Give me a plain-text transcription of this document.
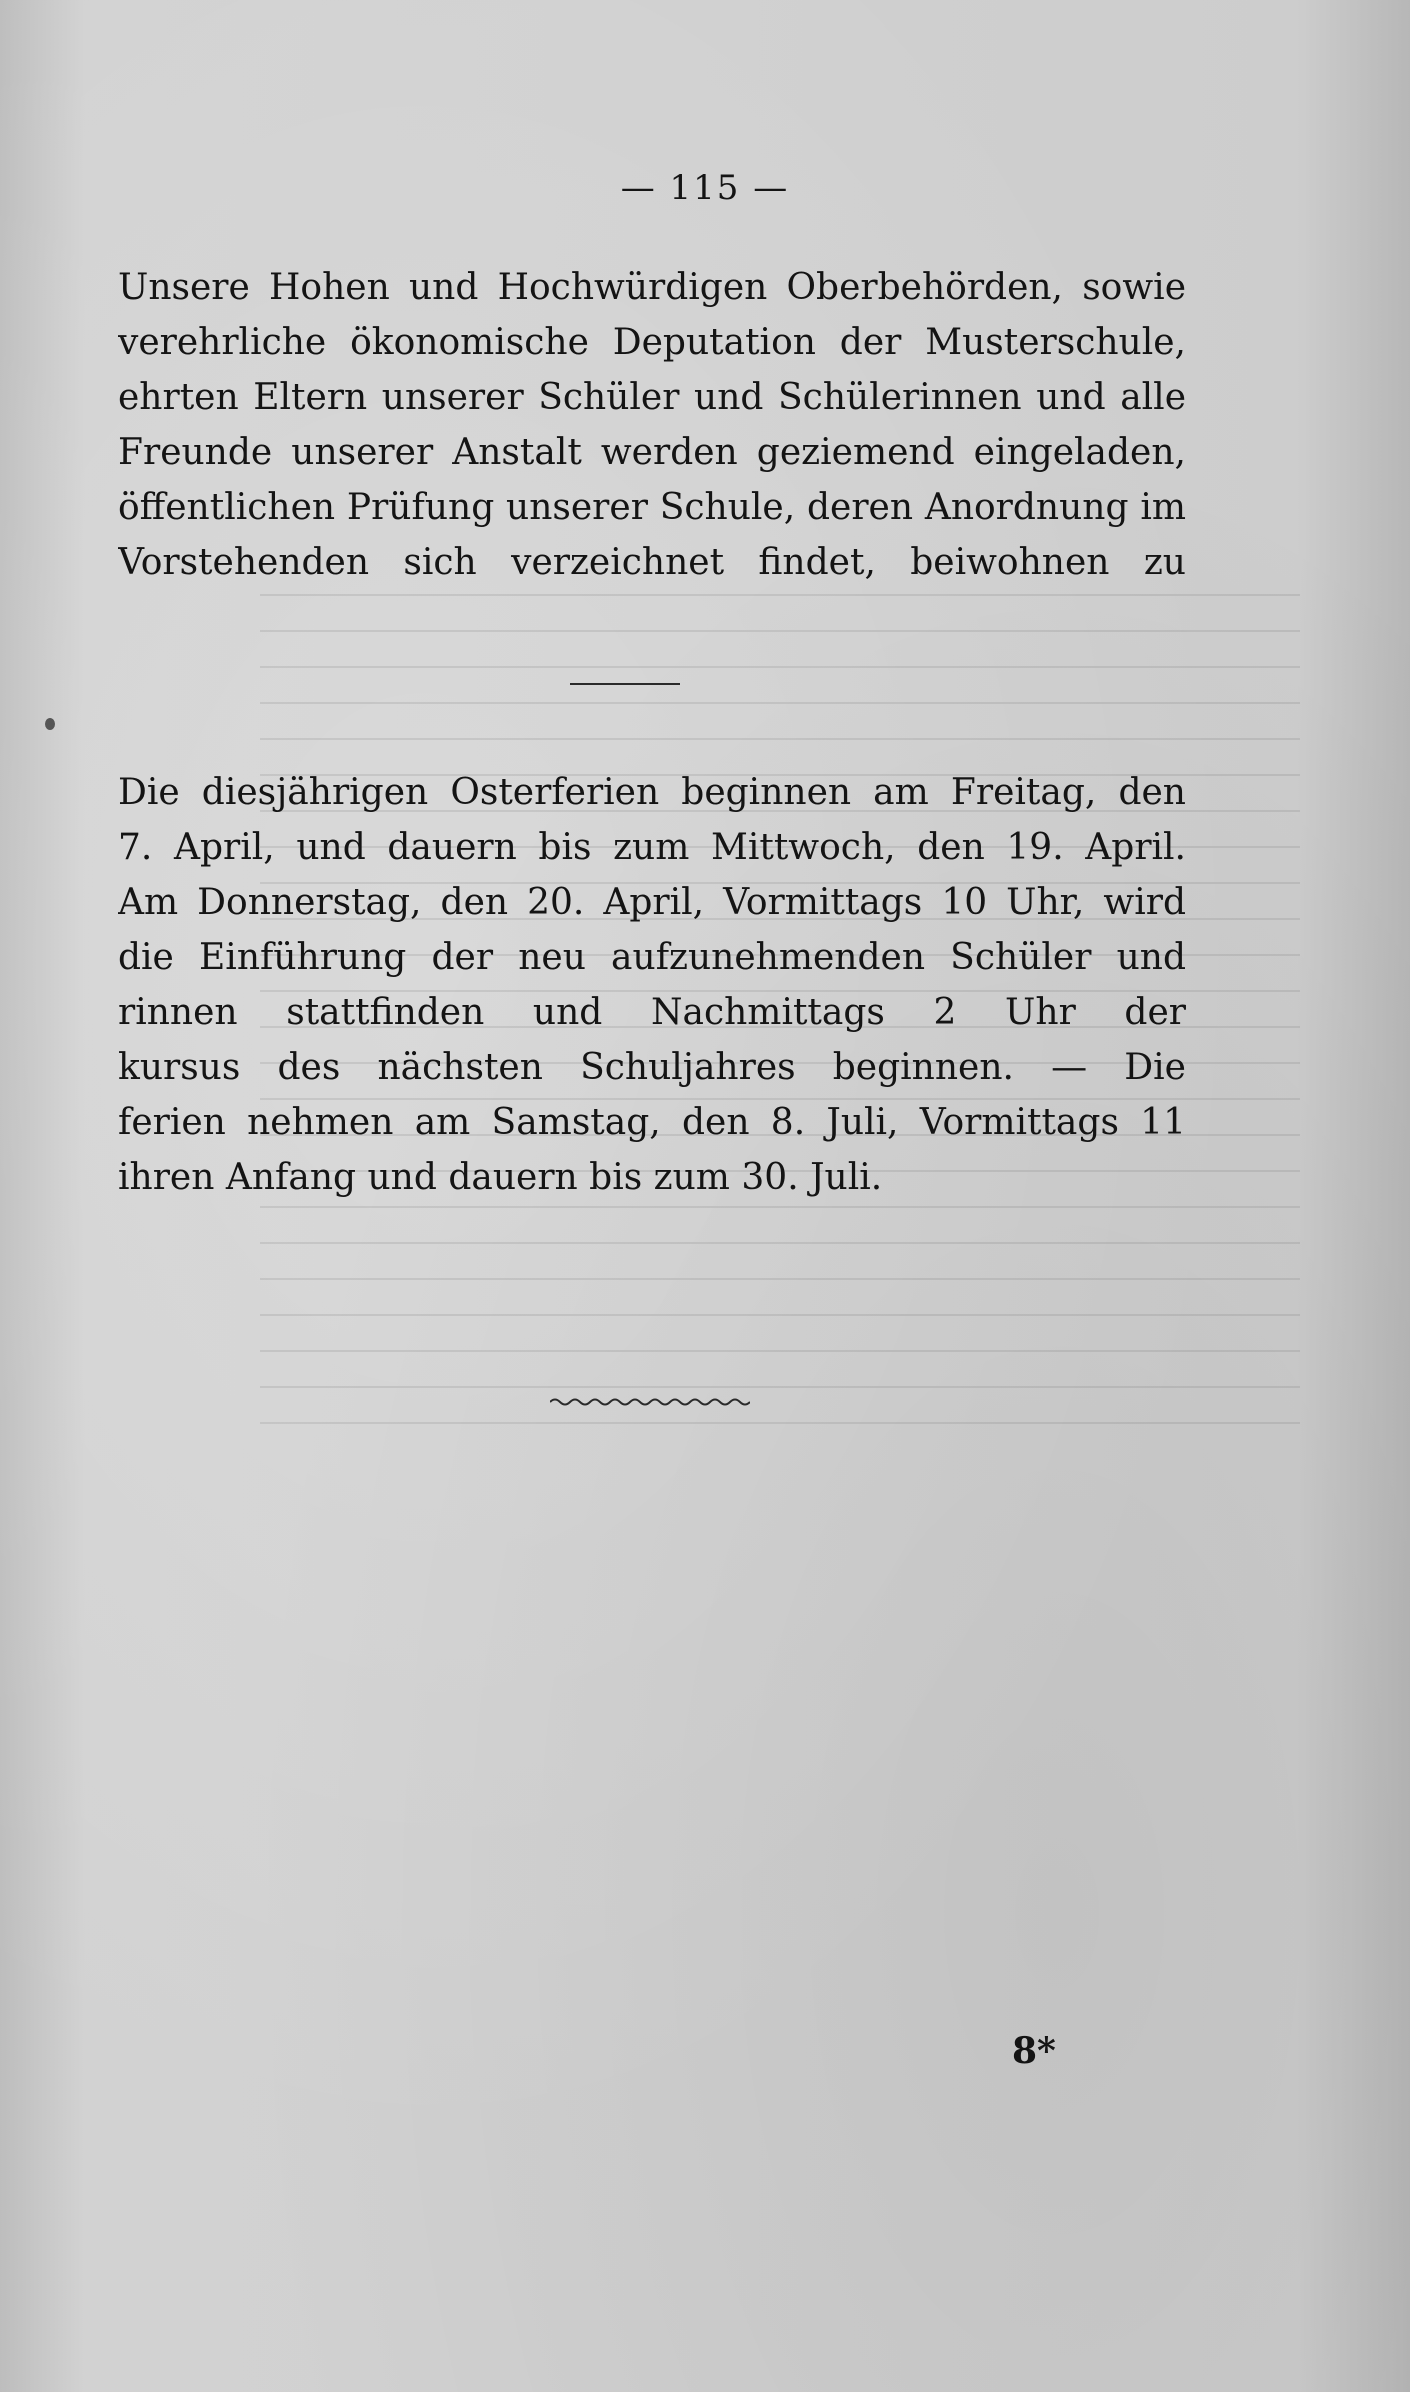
— 115 —
Unsere Hohen und Hochwürdigen Oberbehörden, sowie
verehrliche ökonomische Deputation der Musterschule,
ehrten Eltern unserer Schüler und Schülerinnen und alle
Freunde unserer Anstalt werden geziemend eingeladen,
öffentlichen Prüfung unserer Schule, deren Anordnung im
Vorstehenden sich verzeichnet findet, beiwohnen zu
Die diesjährigen Osterferien beginnen am Freitag, den
7. April, und dauern bis zum Mittwoch, den 19. April.
Am Donnerstag, den 20. April, Vormittags 10 Uhr, wird
die Einführung der neu aufzunehmenden Schüler und
rinnen stattfinden und Nachmittags 2 Uhr der
kursus des nächsten Schuljahres beginnen. — Die
ferien nehmen am Samstag, den 8. Juli, Vormittags 11
ihren Anfang und dauern bis zum 30. Juli.
8*
